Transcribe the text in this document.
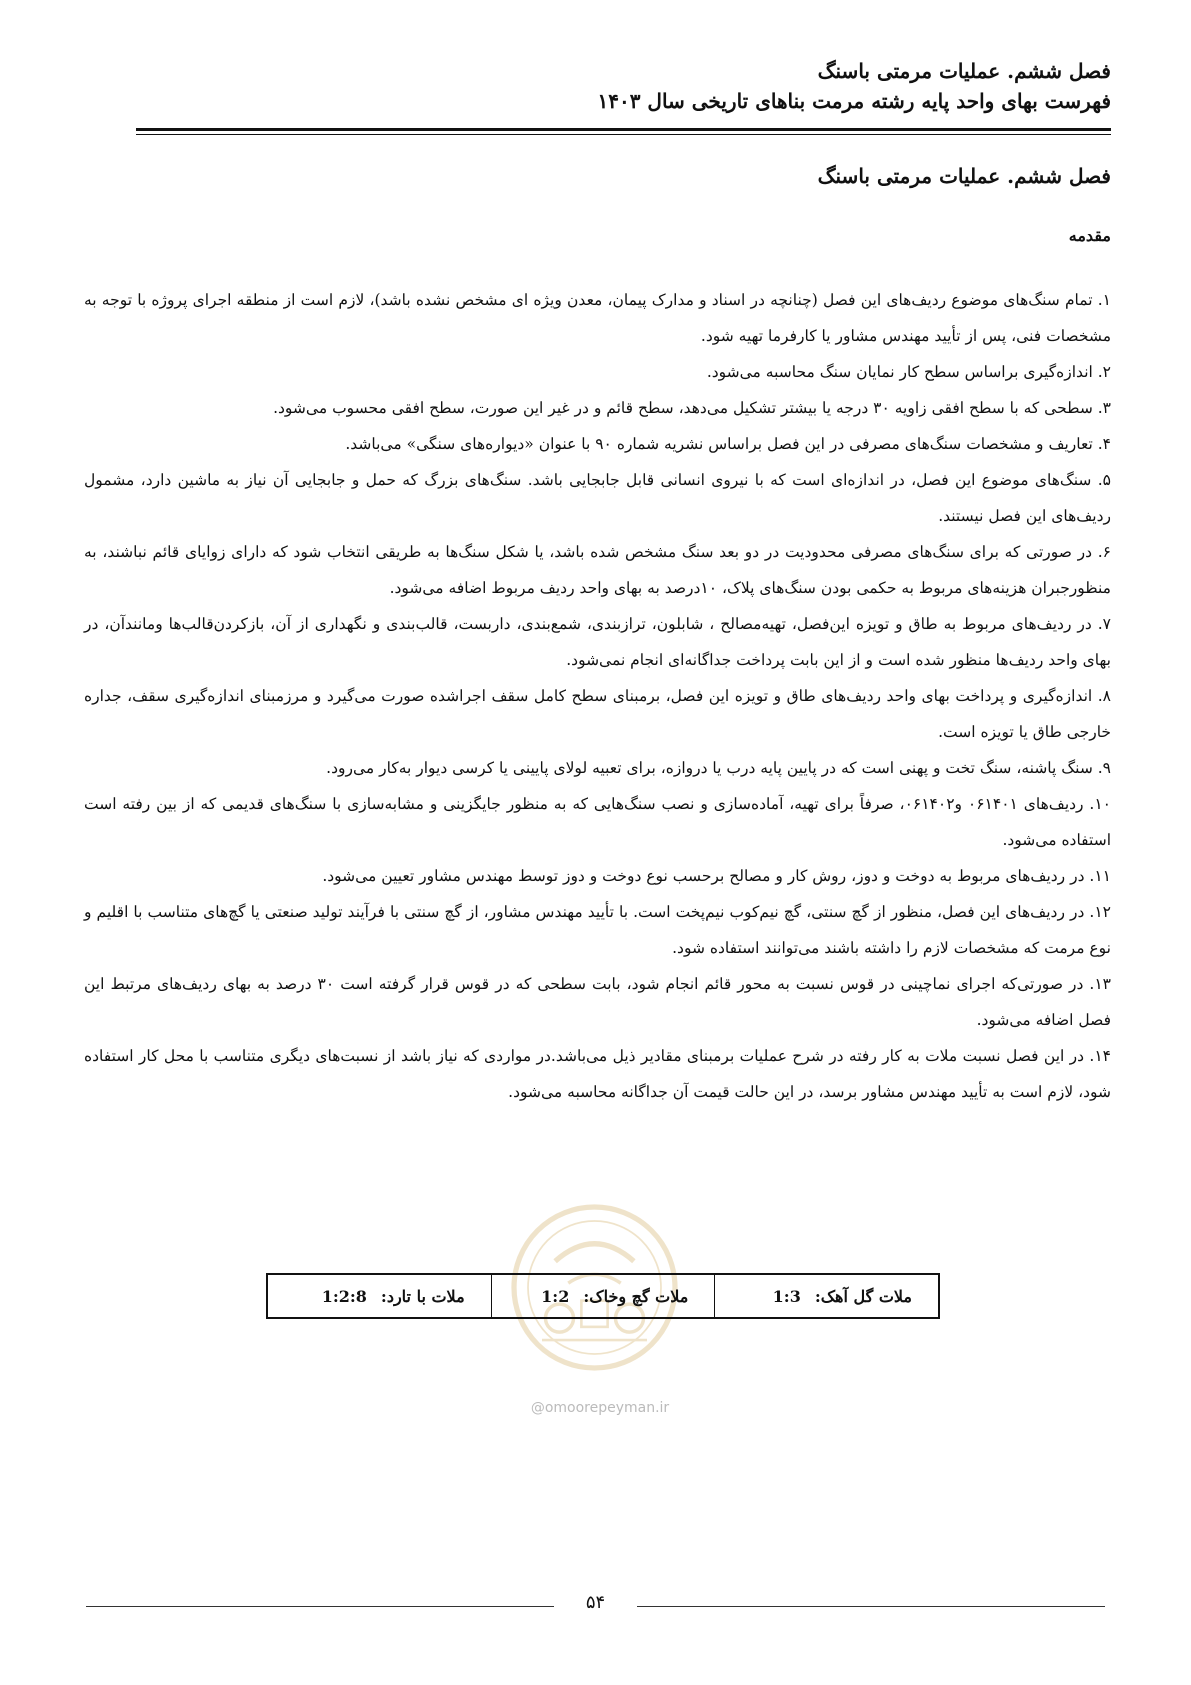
فصل ششم. عملیات مرمتی باسنگ
فهرست بهای واحد پایه رشته مرمت بناهای تاریخی سال ۱۴۰۳
فصل ششم. عملیات مرمتی باسنگ
مقدمه

۱. تمام سنگ‌های موضوع ردیف‌های این فصل (چنانچه در اسناد و مدارک پیمان، معدن ویژه ای مشخص نشده باشد)، لازم است از منطقه اجرای پروژه با توجه به مشخصات فنی، پس از تأیید مهندس مشاور یا کارفرما تهیه شود.

۲. اندازه‌گیری براساس سطح کار نمایان سنگ محاسبه می‌شود.

۳. سطحی که با سطح افقی زاویه ۳۰ درجه یا بیشتر تشکیل می‌دهد، سطح قائم و در غیر این صورت، سطح افقی محسوب می‌شود.

۴. تعاریف و مشخصات سنگ‌های مصرفی در این فصل براساس نشریه شماره ۹۰ با عنوان «دیواره‌های سنگی» می‌باشد.

۵. سنگ‌های موضوع این فصل، در اندازه‌ای است که با نیروی انسانی قابل جابجایی باشد. سنگ‌های بزرگ که حمل و جابجایی آن نیاز به ماشین دارد، مشمول ردیف‌های این فصل نیستند.

۶. در صورتی که برای سنگ‌های مصرفی محدودیت در دو بعد سنگ مشخص شده باشد، یا شکل سنگ‌ها به طریقی انتخاب شود که دارای زوایای قائم نباشند، به منظورجبران هزینه‌های مربوط به حکمی بودن سنگ‌های پلاک، ۱۰درصد به بهای واحد ردیف مربوط اضافه می‌شود.

۷. در ردیف‌های مربوط به طاق و تویزه این‌فصل، تهیه‌مصالح ، شابلون، ترازبندی، شمع‌بندی، داربست، قالب‌بندی و نگهداری از آن، بازکردن‌قالب‌ها ومانندآن، در بهای واحد ردیف‌ها منظور شده است و از این بابت پرداخت جداگانه‌ای انجام نمی‌شود.

۸. اندازه‌گیری و پرداخت بهای واحد ردیف‌های طاق و تویزه این فصل، برمبنای سطح کامل سقف اجراشده صورت می‌گیرد و مرزمبنای اندازه‌گیری سقف، جداره خارجی طاق یا تویزه است.

۹. سنگ پاشنه، سنگ تخت و پهنی است که در پایین پایه درب یا دروازه، برای تعبیه لولای پایینی یا کرسی دیوار به‌کار می‌رود.

۱۰. ردیف‌های ۰۶۱۴۰۱ و۰۶۱۴۰۲، صرفاً برای تهیه، آماده‌سازی و نصب سنگ‌هایی که به منظور جایگزینی و مشابه‌سازی با سنگ‌های قدیمی که از بین رفته است استفاده می‌شود.

۱۱. در ردیف‌های مربوط به دوخت و دوز، روش کار و مصالح برحسب نوع دوخت و دوز توسط مهندس مشاور تعیین می‌شود.

۱۲. در ردیف‌های این فصل، منظور از گچ سنتی، گچ نیم‌کوب نیم‌پخت است. با تأیید مهندس مشاور، از گچ سنتی با فرآیند تولید صنعتی یا گچ‌های متناسب با اقلیم و نوع مرمت که مشخصات لازم را داشته باشند می‌توانند استفاده شود.

۱۳. در صورتی‌که اجرای نماچینی در قوس نسبت به محور قائم انجام شود، بابت سطحی که در قوس قرار گرفته است ۳۰ درصد به بهای ردیف‌های مرتبط این فصل اضافه می‌شود.

۱۴. در این فصل نسبت ملات به کار رفته در شرح عملیات برمبنای مقادیر ذیل می‌باشد.در مواردی که نیاز باشد از نسبت‌های دیگری متناسب با محل کار استفاده شود، لازم است به تأیید مهندس مشاور برسد، در این حالت قیمت آن جداگانه محاسبه می‌شود.

@omoorepeyman.ir
ملات گل آهک:
1:3
ملات گچ وخاک:
1:2
ملات با تارد:
1:2:8
۵۴
